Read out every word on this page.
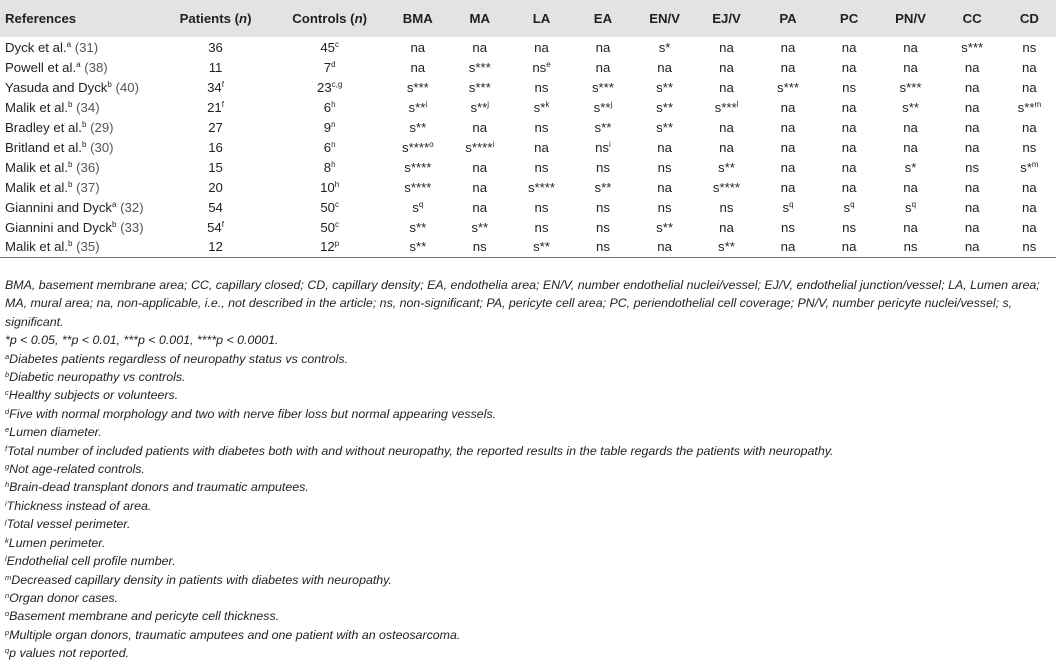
References	Patients (n)	Controls (n)	BMA	MA	LA	EA	EN/V	EJ/V	PA	PC	PN/V	CC	CD
Dyck et al.$^a$ (31)	36	45$^c$	na	na	na	na	s*	na	na	na	na	s***	ns
Powell et al.$^a$ (38)	11	7$^d$	na	s***	$ns^e$	na	na	na	na	na	na	na	na
Yasuda and Dyck$^b$ (40)	34$^f$	23$^{c,g}$	s***	s***	ns	s***	s**	na	s***	ns	s***	na	na
Malik et al.$^b$ (34)	21$^f$	6$^h$	s**$^i$	s**$^j$	s*$^k$	s**$^j$	s**	s***$^l$	na	na	s**	na	s**$^m$
Bradley et al.$^b$ (29)	27	9$^n$	s**	na	ns	s**	s**	na	na	na	na	na	na
Britland et al.$^b$ (30)	16	6$^n$	s****$^o$	s****$^i$	na	$ns^i$	na	na	na	na	na	na	ns
Malik et al.$^b$ (36)	15	8$^h$	s****	na	ns	ns	ns	s**	na	na	s*	ns	s*$^m$
Malik et al.$^b$ (37)	20	10$^h$	s****	na	s****	s**	na	s****	na	na	na	na	na
Giannini and Dyck$^a$ (32)	54	50$^c$	$s^q$	na	ns	ns	ns	ns	$s^q$	$s^q$	$s^q$	na	na
Giannini and Dyck$^b$ (33)	54$^f$	50$^c$	s**	s**	ns	ns	s**	na	ns	ns	na	na	na
Malik et al.$^b$ (35)	12	12$^p$	s**	ns	s**	ns	na	s**	na	na	ns	na	ns

BMA, basement membrane area; CC, capillary closed; CD, capillary density; EA, endothelia area; EN/V, number endothelial nuclei/vessel; EJ/V, endothelial junction/vessel; LA, Lumen area; MA, mural area; na, non-applicable, i.e., not described in the article; ns, non-significant; PA, pericyte cell area; PC, periendothelial cell coverage; PN/V, number pericyte nuclei/vessel; s, significant.

*p < 0.05, **p < 0.01, ***p < 0.001, ****p < 0.0001.

$^a$Diabetes patients regardless of neuropathy status vs controls.

$^b$Diabetic neuropathy vs controls.

$^c$Healthy subjects or volunteers.

$^d$Five with normal morphology and two with nerve fiber loss but normal appearing vessels.

$^e$Lumen diameter.

$^f$Total number of included patients with diabetes both with and without neuropathy, the reported results in the table regards the patients with neuropathy.

$^g$Not age-related controls.

$^h$Brain-dead transplant donors and traumatic amputees.

$^i$Thickness instead of area.

$^j$Total vessel perimeter.

$^k$Lumen perimeter.

$^l$Endothelial cell profile number.

$^m$Decreased capillary density in patients with diabetes with neuropathy.

$^n$Organ donor cases.

$^o$Basement membrane and pericyte cell thickness.

$^p$Multiple organ donors, traumatic amputees and one patient with an osteosarcoma.

$^q$p values not reported.
